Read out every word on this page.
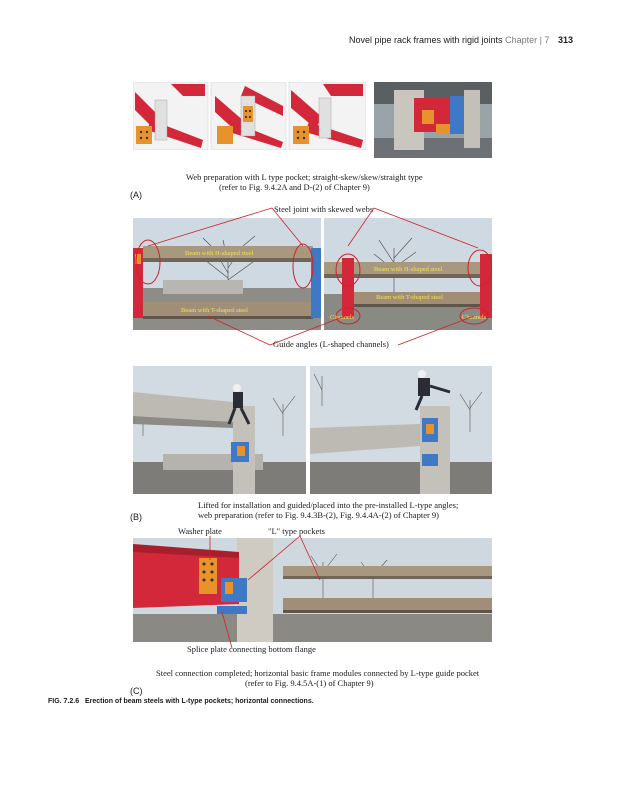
Novel pipe rack frames with rigid joints Chapter | 7 313
Web preparation with L type pocket; straight-skew/skew/straight type
(refer to Fig. 9.4.2A and D-(2) of Chapter 9)
(A)
Steel joint with skewed webs
Beam with H-shaped steel
Beam with T-shaped steel
Beam with H-shaped steel
Beam with T-shaped steel
Channels	Channels
Guide angles (L-shaped channels)
Lifted for installation and guided/placed into the pre-installed L-type angles;
web preparation (refer to Fig. 9.4.3B-(2), Fig. 9.4.4A-(2) of Chapter 9)
(B)
Washer plate	"L" type pockets
Splice plate connecting bottom flange
Steel connection completed; horizontal basic frame modules connected by L-type guide pocket
(refer to Fig. 9.4.5A-(1) of Chapter 9)
(C)
FIG. 7.2.6 Erection of beam steels with L-type pockets; horizontal connections.
